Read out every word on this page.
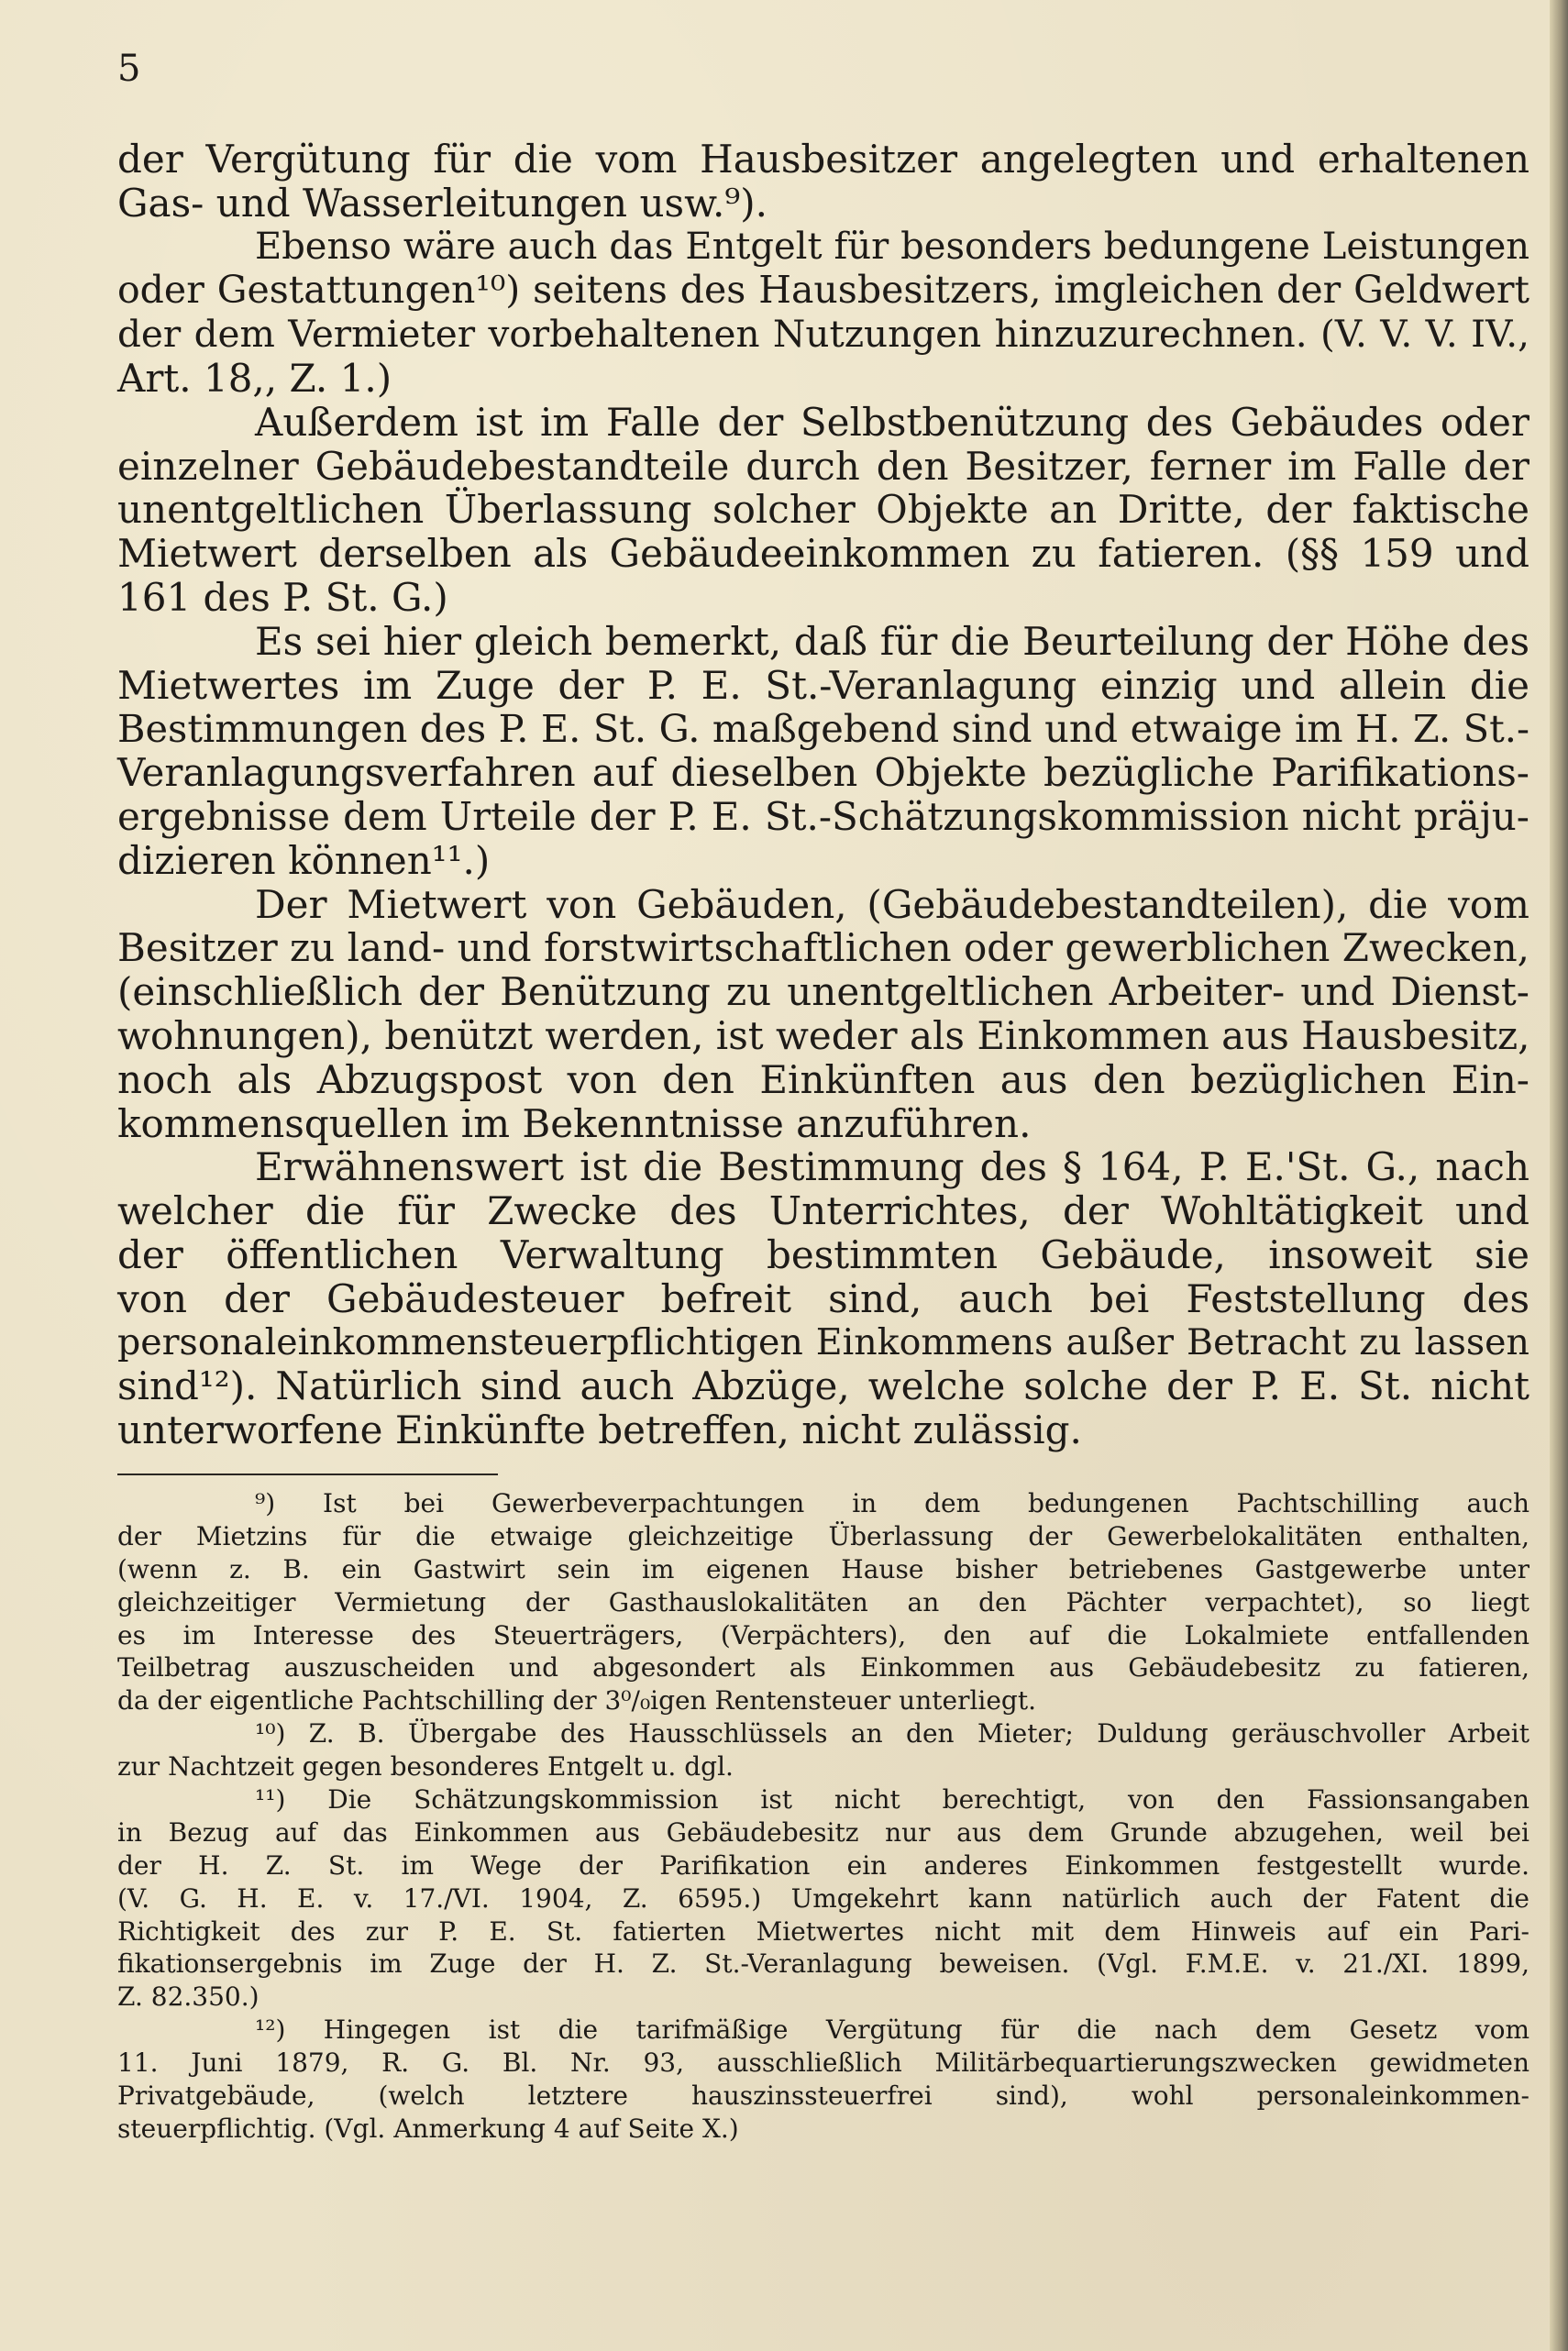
5
der Vergütung für die vom Hausbesitzer angelegten und erhaltenen
Gas- und Wasserleitungen usw.⁹).
Ebenso wäre auch das Entgelt für besonders bedungene Leistungen
oder Gestattungen¹⁰) seitens des Hausbesitzers, imgleichen der Geldwert
der dem Vermieter vorbehaltenen Nutzungen hinzuzurechnen. (V. V. V. IV.,
Art. 18,, Z. 1.)
Außerdem ist im Falle der Selbstbenützung des Gebäudes oder
einzelner Gebäudebestandteile durch den Besitzer, ferner im Falle der
unentgeltlichen Überlassung solcher Objekte an Dritte, der faktische
Mietwert derselben als Gebäudeeinkommen zu fatieren. (§§ 159 und
161 des P. St. G.)
Es sei hier gleich bemerkt, daß für die Beurteilung der Höhe des
Mietwertes im Zuge der P. E. St.-Veranlagung einzig und allein die
Bestimmungen des P. E. St. G. maßgebend sind und etwaige im H. Z. St.-
Veranlagungsverfahren auf dieselben Objekte bezügliche Parifikations-
ergebnisse dem Urteile der P. E. St.-Schätzungskommission nicht präju-
dizieren können¹¹.)
Der Mietwert von Gebäuden, (Gebäudebestandteilen), die vom
Besitzer zu land- und forstwirtschaftlichen oder gewerblichen Zwecken,
(einschließlich der Benützung zu unentgeltlichen Arbeiter- und Dienst-
wohnungen), benützt werden, ist weder als Einkommen aus Hausbesitz,
noch als Abzugspost von den Einkünften aus den bezüglichen Ein-
kommensquellen im Bekenntnisse anzuführen.
Erwähnenswert ist die Bestimmung des § 164, P. E.'St. G., nach
welcher die für Zwecke des Unterrichtes, der Wohltätigkeit und
der öffentlichen Verwaltung bestimmten Gebäude, insoweit sie
von der Gebäudesteuer befreit sind, auch bei Feststellung des
personaleinkommensteuerpflichtigen Einkommens außer Betracht zu lassen
sind¹²). Natürlich sind auch Abzüge, welche solche der P. E. St. nicht
unterworfene Einkünfte betreffen, nicht zulässig.
⁹) Ist bei Gewerbeverpachtungen in dem bedungenen Pachtschilling auch
der Mietzins für die etwaige gleichzeitige Überlassung der Gewerbelokalitäten enthalten,
(wenn z. B. ein Gastwirt sein im eigenen Hause bisher betriebenes Gastgewerbe unter
gleichzeitiger Vermietung der Gasthauslokalitäten an den Pächter verpachtet), so liegt
es im Interesse des Steuerträgers, (Verpächters), den auf die Lokalmiete entfallenden
Teilbetrag auszuscheiden und abgesondert als Einkommen aus Gebäudebesitz zu fatieren,
da der eigentliche Pachtschilling der 3⁰/₀igen Rentensteuer unterliegt.
¹⁰) Z. B. Übergabe des Hausschlüssels an den Mieter; Duldung geräuschvoller Arbeit
zur Nachtzeit gegen besonderes Entgelt u. dgl.
¹¹) Die Schätzungskommission ist nicht berechtigt, von den Fassionsangaben
in Bezug auf das Einkommen aus Gebäudebesitz nur aus dem Grunde abzugehen, weil bei
der H. Z. St. im Wege der Parifikation ein anderes Einkommen festgestellt wurde.
(V. G. H. E. v. 17./VI. 1904, Z. 6595.) Umgekehrt kann natürlich auch der Fatent die
Richtigkeit des zur P. E. St. fatierten Mietwertes nicht mit dem Hinweis auf ein Pari-
fikationsergebnis im Zuge der H. Z. St.-Veranlagung beweisen. (Vgl. F.M.E. v. 21./XI. 1899,
Z. 82.350.)
¹²) Hingegen ist die tarifmäßige Vergütung für die nach dem Gesetz vom
11. Juni 1879, R. G. Bl. Nr. 93, ausschließlich Militärbequartierungszwecken gewidmeten
Privatgebäude, (welch letztere hauszinssteuerfrei sind), wohl personaleinkommen-
steuerpflichtig. (Vgl. Anmerkung 4 auf Seite X.)
